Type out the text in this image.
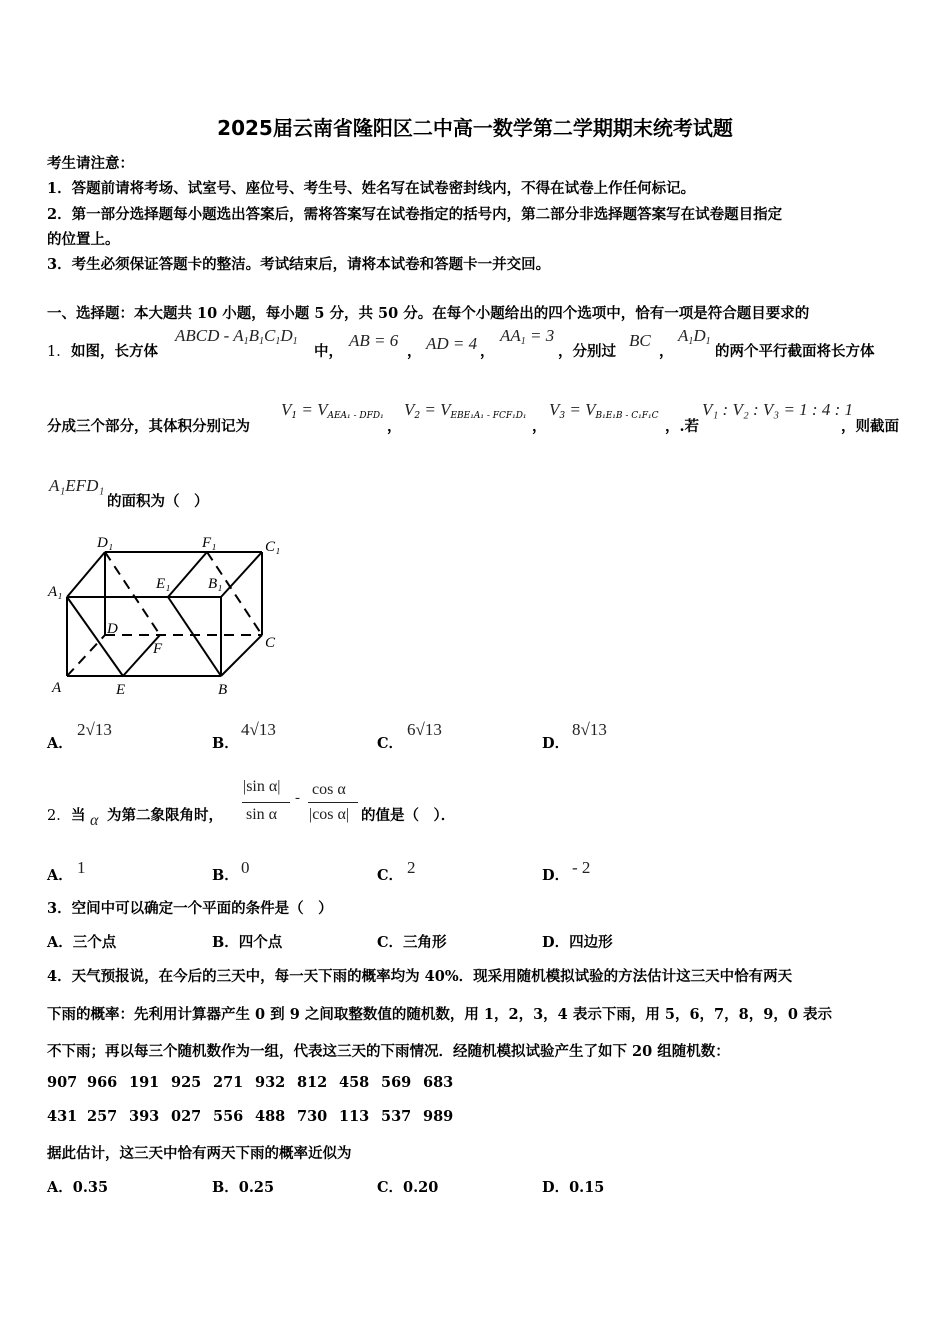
2025届云南省隆阳区二中高一数学第二学期期末统考试题
考生请注意：
1．答题前请将考场、试室号、座位号、考生号、姓名写在试卷密封线内，不得在试卷上作任何标记。
2．第一部分选择题每小题选出答案后，需将答案写在试卷指定的括号内，第二部分非选择题答案写在试卷题目指定
的位置上。
3．考生必须保证答题卡的整洁。考试结束后，请将本试卷和答题卡一并交回。
一、选择题：本大题共 10 小题，每小题 5 分，共 50 分。在每个小题给出的四个选项中，恰有一项是符合题目要求的
1． 如图，长方体
ABCD - $A_1B_1C_1D_1$
中，
AB = 6
， AD = 4 ，
$AA_1 = 3$
，分别过
BC
，
$A_1D_1$
的两个平行截面将长方体
分成三个部分，其体积分别记为
$V_1 = V_{AEA_1 - DFD_1}$
，
$V_2 = V_{EBE_1A_1 - FCF_1D_1}$
，
$V_3 = V_{B_1E_1B - C_1F_1C}$
，.若
V₁ : V₂ : V₃ = 1 : 4 : 1
，则截面
A₁EFD₁
的面积为（　）
D₁	F₁	C₁
A₁	E₁	B₁
D
F	C
A	E	B
A．
2√13
B．
4√13
C．
6√13
D．
8√13
2． 当 α 为第二象限角时，
|sin α|
sin α
- cos α
|cos α| 的值是（　）．
A． 1	B． 0	C． 2	D． - 2
3．空间中可以确定一个平面的条件是（　）
A．三个点	B．四个点	C．三角形	D．四边形
4．天气预报说，在今后的三天中，每一天下雨的概率均为 40%．现采用随机模拟试验的方法估计这三天中恰有两天
下雨的概率：先利用计算器产生 0 到 9 之间取整数值的随机数，用 1，2，3，4 表示下雨，用 5，6，7，8，9，0 表示
不下雨；再以每三个随机数作为一组，代表这三天的下雨情况．经随机模拟试验产生了如下 20 组随机数：
907 966 191 925 271 932 812 458 569 683
431 257 393 027 556 488 730 113 537 989
据此估计，这三天中恰有两天下雨的概率近似为
A．0.35	B．0.25	C．0.20	D．0.15
